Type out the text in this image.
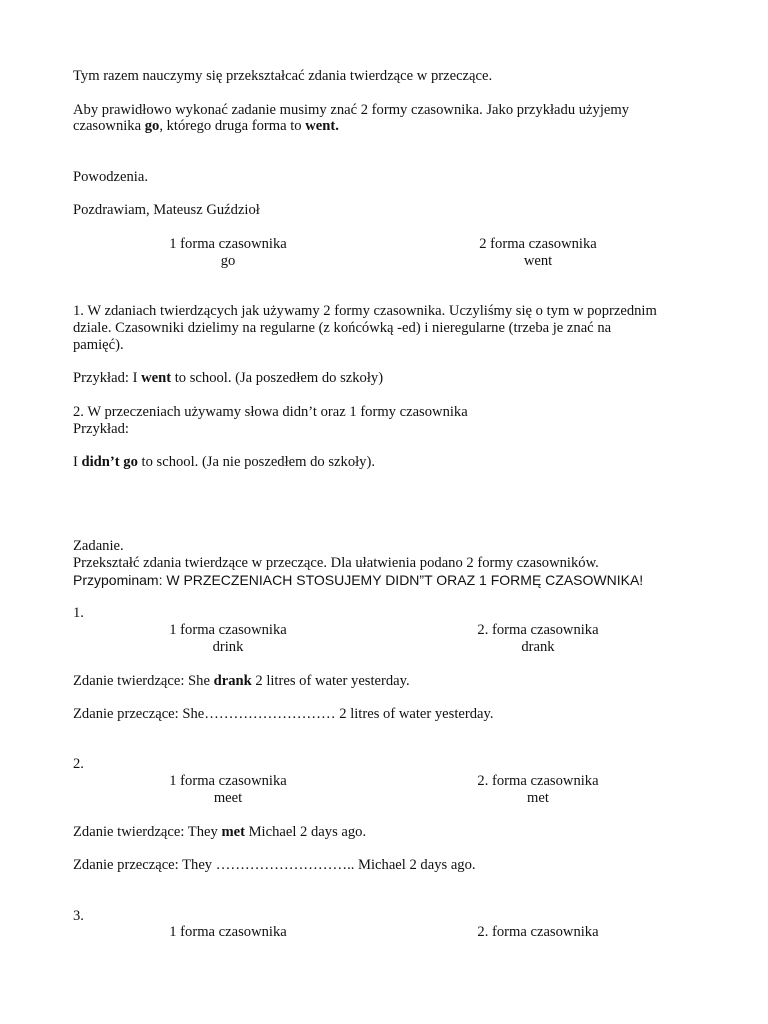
Tym razem nauczymy się przekształcać zdania twierdzące w przeczące.

Aby prawidłowo wykonać zadanie musimy znać 2 formy czasownika. Jako przykładu użyjemy

czasownika go, którego druga forma to went.

Powodzenia.

Pozdrawiam, Mateusz Guździoł

1 forma czasownika	2 forma czasownika
go	went

1. W zdaniach twierdzących jak używamy 2 formy czasownika. Uczyliśmy się o tym w poprzednim

dziale. Czasowniki dzielimy na regularne (z końcówką -ed) i nieregularne (trzeba je znać na

pamięć).

Przykład: I went to school. (Ja poszedłem do szkoły)

2. W przeczeniach używamy słowa didn’t oraz 1 formy czasownika

Przykład:

I didn’t go to school. (Ja nie poszedłem do szkoły).

Zadanie.

Przekształć zdania twierdzące w przeczące. Dla ułatwienia podano 2 formy czasowników.

Przypominam: W PRZECZENIACH STOSUJEMY DIDN”T ORAZ 1 FORMĘ CZASOWNIKA!

1.

1 forma czasownika	2. forma czasownika
drink	drank

Zdanie twierdzące: She drank 2 litres of water yesterday.

Zdanie przeczące: She……………………… 2 litres of water yesterday.

2.

1 forma czasownika	2. forma czasownika
meet	met

Zdanie twierdzące: They met Michael 2 days ago.

Zdanie przeczące: They ……………………….. Michael 2 days ago.

3.

1 forma czasownika	2. forma czasownika
